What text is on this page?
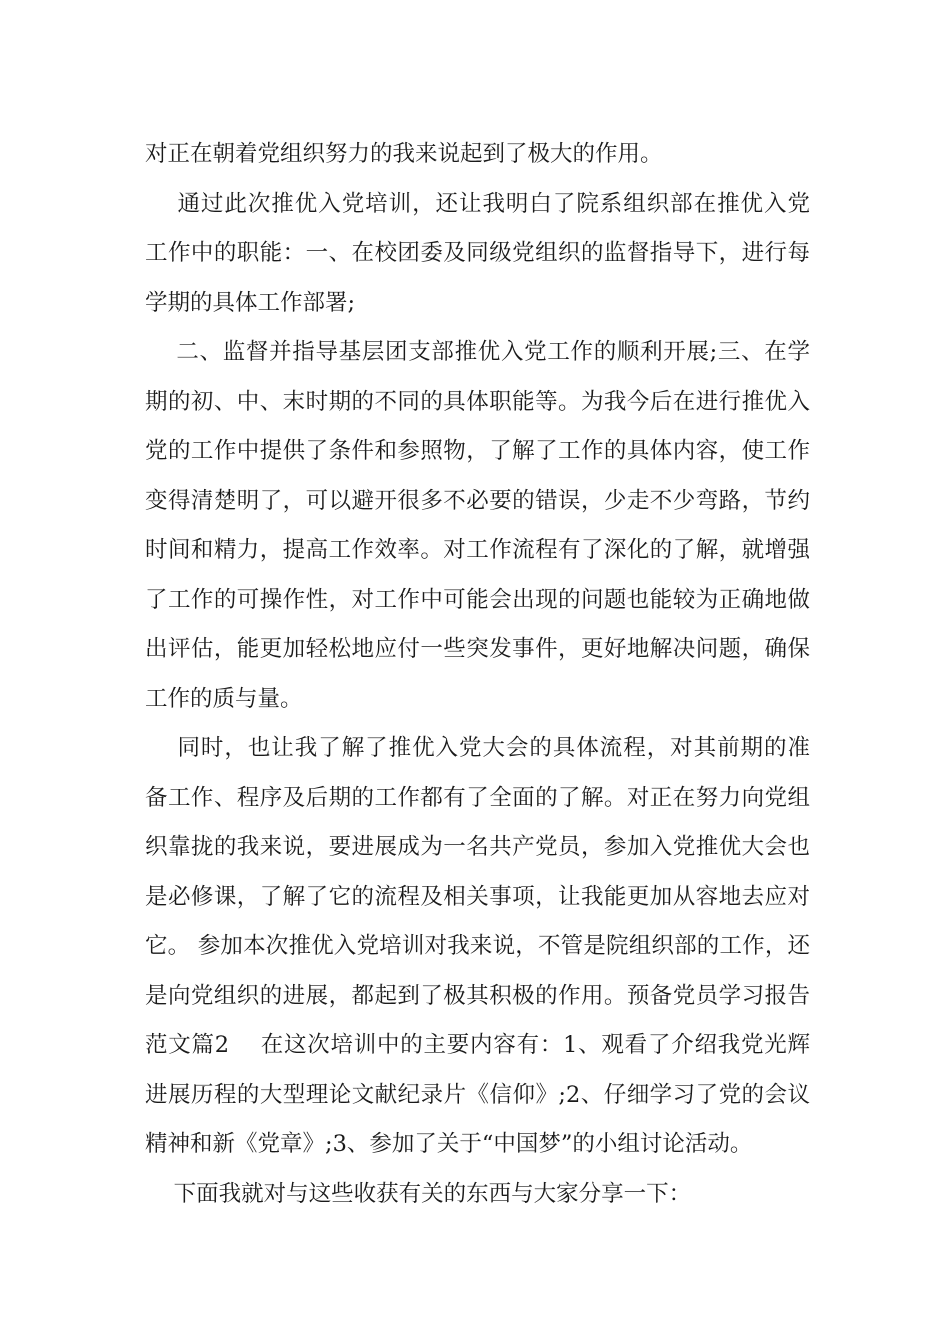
对正在朝着党组织努力的我来说起到了极大的作用。
通过此次推优入党培训，还让我明白了院系组织部在推优入党
工作中的职能：一、在校团委及同级党组织的监督指导下，进行每
学期的具体工作部署;
二、监督并指导基层团支部推优入党工作的顺利开展;三、在学
期的初、中、末时期的不同的具体职能等。为我今后在进行推优入
党的工作中提供了条件和参照物，了解了工作的具体内容，使工作
变得清楚明了，可以避开很多不必要的错误，少走不少弯路，节约
时间和精力，提高工作效率。对工作流程有了深化的了解，就增强
了工作的可操作性，对工作中可能会出现的问题也能较为正确地做
出评估，能更加轻松地应付一些突发事件，更好地解决问题，确保
工作的质与量。
同时，也让我了解了推优入党大会的具体流程，对其前期的准
备工作、程序及后期的工作都有了全面的了解。对正在努力向党组
织靠拢的我来说，要进展成为一名共产党员，参加入党推优大会也
是必修课，了解了它的流程及相关事项，让我能更加从容地去应对
它。 参加本次推优入党培训对我来说，不管是院组织部的工作，还
是向党组织的进展，都起到了极其积极的作用。预备党员学习报告
范文篇2    在这次培训中的主要内容有：1、观看了介绍我党光辉
进展历程的大型理论文献纪录片《信仰》;2、仔细学习了党的会议
精神和新《党章》;3、参加了关于“中国梦”的小组讨论活动。
下面我就对与这些收获有关的东西与大家分享一下：
